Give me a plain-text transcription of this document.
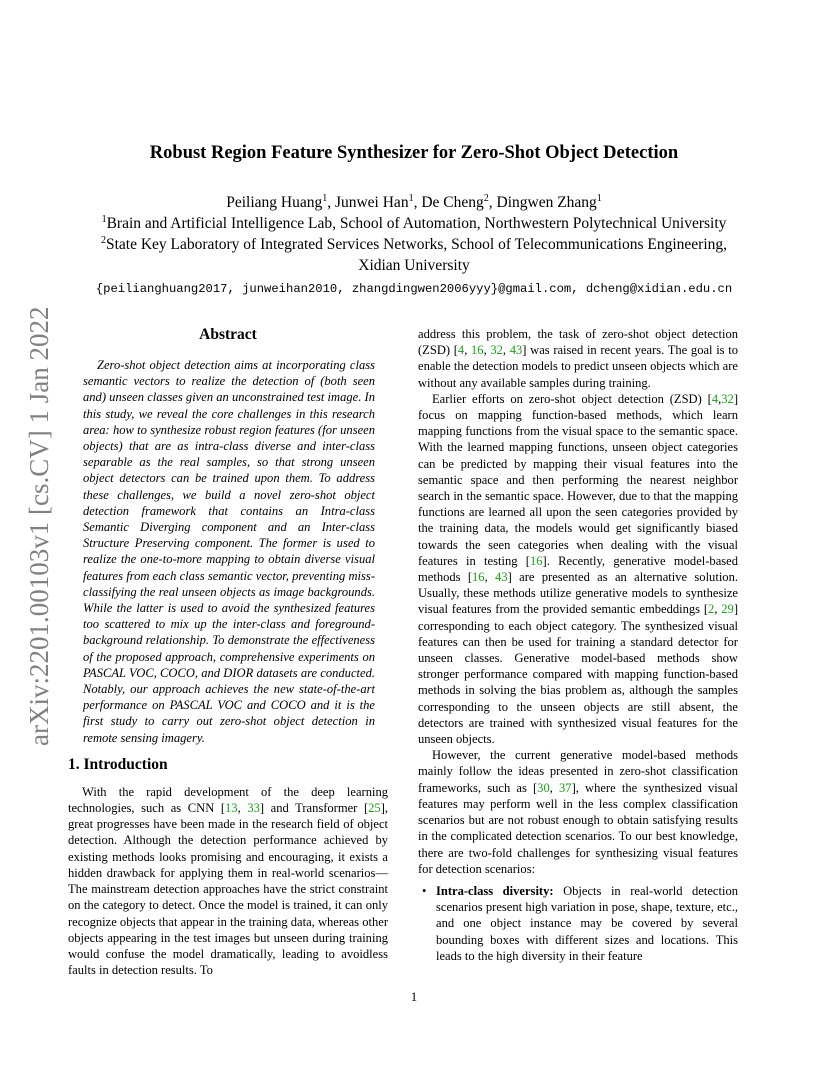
arXiv:2201.00103v1 [cs.CV] 1 Jan 2022
Robust Region Feature Synthesizer for Zero-Shot Object Detection

Peiliang Huang$^1$, Junwei Han$^1$, De Cheng$^2$, Dingwen Zhang$^1$

$^1$Brain and Artificial Intelligence Lab, School of Automation, Northwestern Polytechnical University

$^2$State Key Laboratory of Integrated Services Networks, School of Telecommunications Engineering,

Xidian University

{peilianghuang2017, junweihan2010, zhangdingwen2006yyy}@gmail.com, dcheng@xidian.edu.cn

Abstract

Zero-shot object detection aims at incorporating class semantic vectors to realize the detection of (both seen and) unseen classes given an unconstrained test image. In this study, we reveal the core challenges in this research area: how to synthesize robust region features (for unseen objects) that are as intra-class diverse and inter-class separable as the real samples, so that strong unseen object detectors can be trained upon them. To address these challenges, we build a novel zero-shot object detection framework that contains an Intra-class Semantic Diverging component and an Inter-class Structure Preserving component. The former is used to realize the one-to-more mapping to obtain diverse visual features from each class semantic vector, preventing miss-classifying the real unseen objects as image backgrounds. While the latter is used to avoid the synthesized features too scattered to mix up the inter-class and foreground-background relationship. To demonstrate the effectiveness of the proposed approach, comprehensive experiments on PASCAL VOC, COCO, and DIOR datasets are conducted. Notably, our approach achieves the new state-of-the-art performance on PASCAL VOC and COCO and it is the first study to carry out zero-shot object detection in remote sensing imagery.

1. Introduction

With the rapid development of the deep learning technologies, such as CNN [13, 33] and Transformer [25], great progresses have been made in the research field of object detection. Although the detection performance achieved by existing methods looks promising and encouraging, it exists a hidden drawback for applying them in real-world scenarios—The mainstream detection approaches have the strict constraint on the category to detect. Once the model is trained, it can only recognize objects that appear in the training data, whereas other objects appearing in the test images but unseen during training would confuse the model dramatically, leading to avoidless faults in detection results. To

address this problem, the task of zero-shot object detection (ZSD) [4, 16, 32, 43] was raised in recent years. The goal is to enable the detection models to predict unseen objects which are without any available samples during training.

Earlier efforts on zero-shot object detection (ZSD) [4,32] focus on mapping function-based methods, which learn mapping functions from the visual space to the semantic space. With the learned mapping functions, unseen object categories can be predicted by mapping their visual features into the semantic space and then performing the nearest neighbor search in the semantic space. However, due to that the mapping functions are learned all upon the seen categories provided by the training data, the models would get significantly biased towards the seen categories when dealing with the visual features in testing [16]. Recently, generative model-based methods [16, 43] are presented as an alternative solution. Usually, these methods utilize generative models to synthesize visual features from the provided semantic embeddings [2, 29] corresponding to each object category. The synthesized visual features can then be used for training a standard detector for unseen classes. Generative model-based methods show stronger performance compared with mapping function-based methods in solving the bias problem as, although the samples corresponding to the unseen objects are still absent, the detectors are trained with synthesized visual features for the unseen objects.

However, the current generative model-based methods mainly follow the ideas presented in zero-shot classification frameworks, such as [30, 37], where the synthesized visual features may perform well in the less complex classification scenarios but are not robust enough to obtain satisfying results in the complicated detection scenarios. To our best knowledge, there are two-fold challenges for synthesizing visual features for detection scenarios:

• Intra-class diversity: Objects in real-world detection scenarios present high variation in pose, shape, texture, etc., and one object instance may be covered by several bounding boxes with different sizes and locations. This leads to the high diversity in their feature
1
